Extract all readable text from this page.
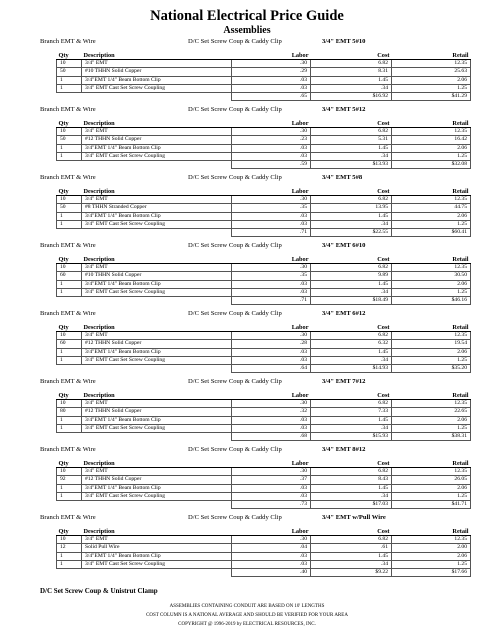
National Electrical Price Guide
Assemblies
Branch EMT & Wire	D/C Set Screw Coup & Caddy Clip	3/4" EMT 5#10
Qty	Description	Labor	Cost	Retail
10	3/4" EMT	.30	6.82	12.35
50	#10 THHN Solid Copper	.29	8.31	25.63
1	3/4"EMT 1/4" Beam Bottom Clip	.03	1.45	2.06
1	3/4" EMT Cast Set Screw Coupling	.03	.34	1.25
		.65	$16.92	$41.29
Branch EMT & Wire	D/C Set Screw Coup & Caddy Clip	3/4" EMT 5#12
Qty	Description	Labor	Cost	Retail
10	3/4" EMT	.30	6.82	12.35
50	#12 THHN Solid Copper	.23	5.31	16.42
1	3/4"EMT 1/4" Beam Bottom Clip	.03	1.45	2.06
1	3/4" EMT Cast Set Screw Coupling	.03	.34	1.25
		.59	$13.93	$32.08
Branch EMT & Wire	D/C Set Screw Coup & Caddy Clip	3/4" EMT 5#8
Qty	Description	Labor	Cost	Retail
10	3/4" EMT	.30	6.82	12.35
50	#8 THHN Stranded Copper	.35	13.95	44.75
1	3/4"EMT 1/4" Beam Bottom Clip	.03	1.45	2.06
1	3/4" EMT Cast Set Screw Coupling	.03	.34	1.25
		.71	$22.55	$60.41
Branch EMT & Wire	D/C Set Screw Coup & Caddy Clip	3/4" EMT 6#10
Qty	Description	Labor	Cost	Retail
10	3/4" EMT	.30	6.82	12.35
60	#10 THHN Solid Copper	.35	9.89	30.50
1	3/4"EMT 1/4" Beam Bottom Clip	.03	1.45	2.06
1	3/4" EMT Cast Set Screw Coupling	.03	.34	1.25
		.71	$18.49	$46.16
Branch EMT & Wire	D/C Set Screw Coup & Caddy Clip	3/4" EMT 6#12
Qty	Description	Labor	Cost	Retail
10	3/4" EMT	.30	6.82	12.35
60	#12 THHN Solid Copper	.28	6.32	19.54
1	3/4"EMT 1/4" Beam Bottom Clip	.03	1.45	2.06
1	3/4" EMT Cast Set Screw Coupling	.03	.34	1.25
		.64	$14.93	$35.20
Branch EMT & Wire	D/C Set Screw Coup & Caddy Clip	3/4" EMT 7#12
Qty	Description	Labor	Cost	Retail
10	3/4" EMT	.30	6.82	12.35
80	#12 THHN Solid Copper	.32	7.33	22.65
1	3/4"EMT 1/4" Beam Bottom Clip	.03	1.45	2.06
1	3/4" EMT Cast Set Screw Coupling	.03	.34	1.25
		.68	$15.93	$38.31
Branch EMT & Wire	D/C Set Screw Coup & Caddy Clip	3/4" EMT 8#12
Qty	Description	Labor	Cost	Retail
10	3/4" EMT	.30	6.82	12.35
92	#12 THHN Solid Copper	.37	8.43	26.05
1	3/4"EMT 1/4" Beam Bottom Clip	.03	1.45	2.06
1	3/4" EMT Cast Set Screw Coupling	.03	.34	1.25
		.73	$17.03	$41.71
Branch EMT & Wire	D/C Set Screw Coup & Caddy Clip	3/4" EMT w/Pull Wire
Qty	Description	Labor	Cost	Retail
10	3/4" EMT	.30	6.82	12.35
12	Solid Pull Wire	.04	.61	2.00
1	3/4"EMT 1/4" Beam Bottom Clip	.03	1.45	2.06
1	3/4" EMT Cast Set Screw Coupling	.03	.34	1.25
		.40	$9.22	$17.66
D/C Set Screw Coup & Unistrut Clamp
ASSEMBLIES CONTAINING CONDUIT ARE BASED ON 10' LENGTHS
COST COLUMN IS A NATIONAL AVERAGE AND SHOULD BE VERIFIED FOR YOUR AREA
COPYRIGHT @ 1996-2019 by ELECTRICAL RESOURCES, INC.
